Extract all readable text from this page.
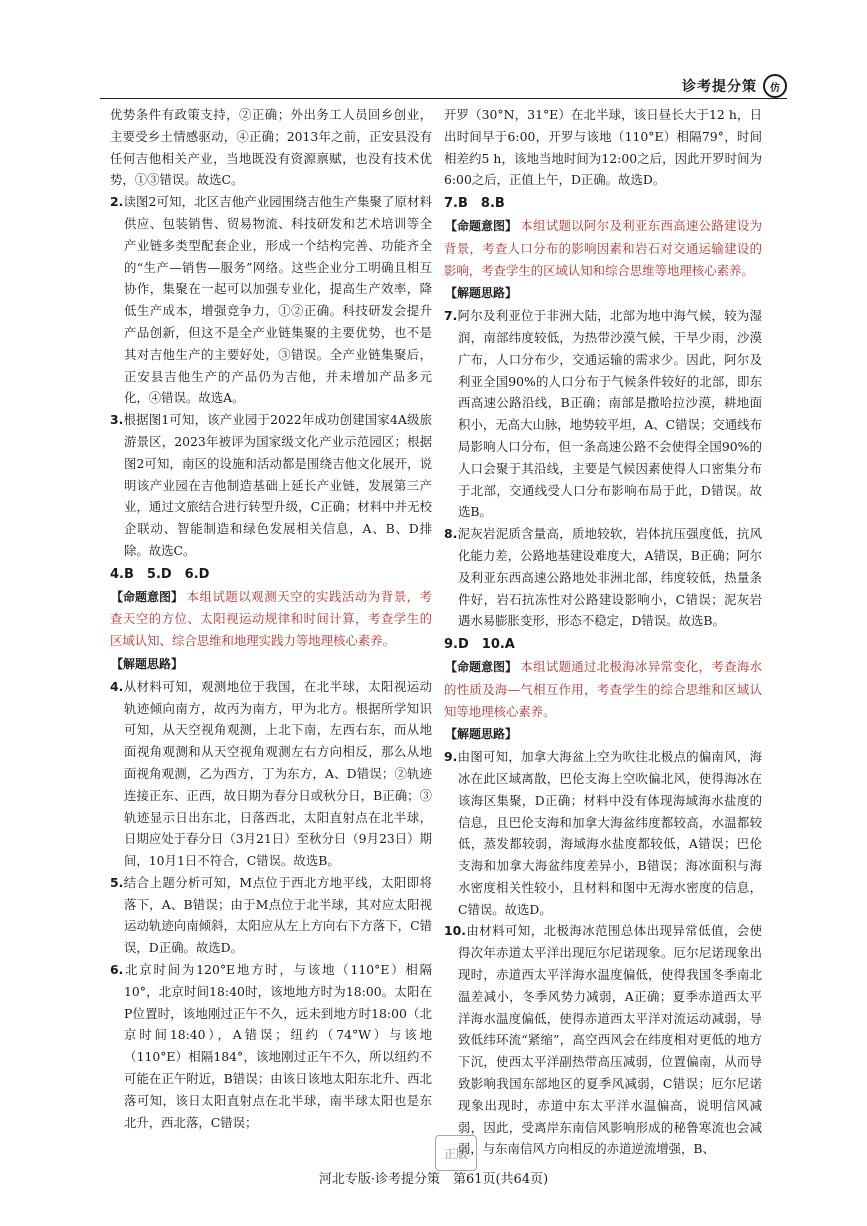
诊考提分策	仿

优势条件有政策支持，②正确；外出务工人员回乡创业，主要受乡土情感驱动，④正确；2013年之前，正安县没有任何吉他相关产业，当地既没有资源禀赋，也没有技术优势，①③错误。故选C。

2.读图2可知，北区吉他产业园围绕吉他生产集聚了原材料供应、包装销售、贸易物流、科技研发和艺术培训等全产业链多类型配套企业，形成一个结构完善、功能齐全的“生产—销售—服务”网络。这些企业分工明确且相互协作，集聚在一起可以加强专业化，提高生产效率，降低生产成本，增强竞争力，①②正确。科技研发会提升产品创新，但这不是全产业链集聚的主要优势，也不是其对吉他生产的主要好处，③错误。全产业链集聚后，正安县吉他生产的产品仍为吉他，并未增加产品多元化，④错误。故选A。

3.根据图1可知，该产业园于2022年成功创建国家4A级旅游景区，2023年被评为国家级文化产业示范园区；根据图2可知，南区的设施和活动都是围绕吉他文化展开，说明该产业园在吉他制造基础上延长产业链，发展第三产业，通过文旅结合进行转型升级，C正确；材料中并无校企联动、智能制造和绿色发展相关信息，A、B、D排除。故选C。

4.B　5.D　6.D

【命题意图】 本组试题以观测天空的实践活动为背景，考查天空的方位、太阳视运动规律和时间计算，考查学生的区域认知、综合思维和地理实践力等地理核心素养。

【解题思路】

4.从材料可知，观测地位于我国，在北半球，太阳视运动轨迹倾向南方，故丙为南方，甲为北方。根据所学知识可知，从天空视角观测，上北下南，左西右东，而从地面视角观测和从天空视角观测左右方向相反，那么从地面视角观测，乙为西方，丁为东方，A、D错误；②轨迹连接正东、正西，故日期为春分日或秋分日，B正确；③轨迹显示日出东北，日落西北，太阳直射点在北半球，日期应处于春分日（3月21日）至秋分日（9月23日）期间，10月1日不符合，C错误。故选B。

5.结合上题分析可知，M点位于西北方地平线，太阳即将落下，A、B错误；由于M点位于北半球，其对应太阳视运动轨迹向南倾斜，太阳应从左上方向右下方落下，C错误，D正确。故选D。

6.北京时间为120°E地方时，与该地（110°E）相隔10°，北京时间18:40时，该地地方时为18:00。太阳在P位置时，该地刚过正午不久，远未到地方时18:00（北京时间18:40），A错误；纽约（74°W）与该地（110°E）相隔184°，该地刚过正午不久，所以纽约不可能在正午附近，B错误；由该日该地太阳东北升、西北落可知，该日太阳直射点在北半球，南半球太阳也是东北升，西北落，C错误；

开罗（30°N，31°E）在北半球，该日昼长大于12 h，日出时间早于6:00，开罗与该地（110°E）相隔79°，时间相差约5 h，该地当地时间为12:00之后，因此开罗时间为6:00之后，正值上午，D正确。故选D。

7.B　8.B

【命题意图】 本组试题以阿尔及利亚东西高速公路建设为背景，考查人口分布的影响因素和岩石对交通运输建设的影响，考查学生的区域认知和综合思维等地理核心素养。

【解题思路】

7.阿尔及利亚位于非洲大陆，北部为地中海气候，较为湿润，南部纬度较低，为热带沙漠气候，干旱少雨，沙漠广布，人口分布少，交通运输的需求少。因此，阿尔及利亚全国90%的人口分布于气候条件较好的北部，即东西高速公路沿线，B正确；南部是撒哈拉沙漠，耕地面积小，无高大山脉，地势较平坦，A、C错误；交通线布局影响人口分布，但一条高速公路不会使得全国90%的人口会聚于其沿线，主要是气候因素使得人口密集分布于北部，交通线受人口分布影响布局于此，D错误。故选B。

8.泥灰岩泥质含量高，质地较软，岩体抗压强度低，抗风化能力差，公路地基建设难度大，A错误，B正确；阿尔及利亚东西高速公路地处非洲北部，纬度较低，热量条件好，岩石抗冻性对公路建设影响小，C错误；泥灰岩遇水易膨胀变形，形态不稳定，D错误。故选B。

9.D　10.A

【命题意图】 本组试题通过北极海冰异常变化，考查海水的性质及海—气相互作用，考查学生的综合思维和区域认知等地理核心素养。

【解题思路】

9.由图可知，加拿大海盆上空为吹往北极点的偏南风，海冰在此区域离散，巴伦支海上空吹偏北风，使得海冰在该海区集聚，D正确；材料中没有体现海域海水盐度的信息，且巴伦支海和加拿大海盆纬度都较高，水温都较低，蒸发都较弱，海域海水盐度都较低，A错误；巴伦支海和加拿大海盆纬度差异小，B错误；海冰面积与海水密度相关性较小，且材料和图中无海水密度的信息，C错误。故选D。

10.由材料可知，北极海冰范围总体出现异常低值，会使得次年赤道太平洋出现厄尔尼诺现象。厄尔尼诺现象出现时，赤道西太平洋海水温度偏低，使得我国冬季南北温差减小，冬季风势力减弱，A正确；夏季赤道西太平洋海水温度偏低，使得赤道西太平洋对流运动减弱，导致低纬环流“紧缩”，高空西风会在纬度相对更低的地方下沉，使西太平洋副热带高压减弱，位置偏南，从而导致影响我国东部地区的夏季风减弱，C错误；厄尔尼诺现象出现时，赤道中东太平洋水温偏高，说明信风减弱，因此，受离岸东南信风影响形成的秘鲁寒流也会减弱，与东南信风方向相反的赤道逆流增强，B、

正版
河北专版·诊考提分策　第61页(共64页)
